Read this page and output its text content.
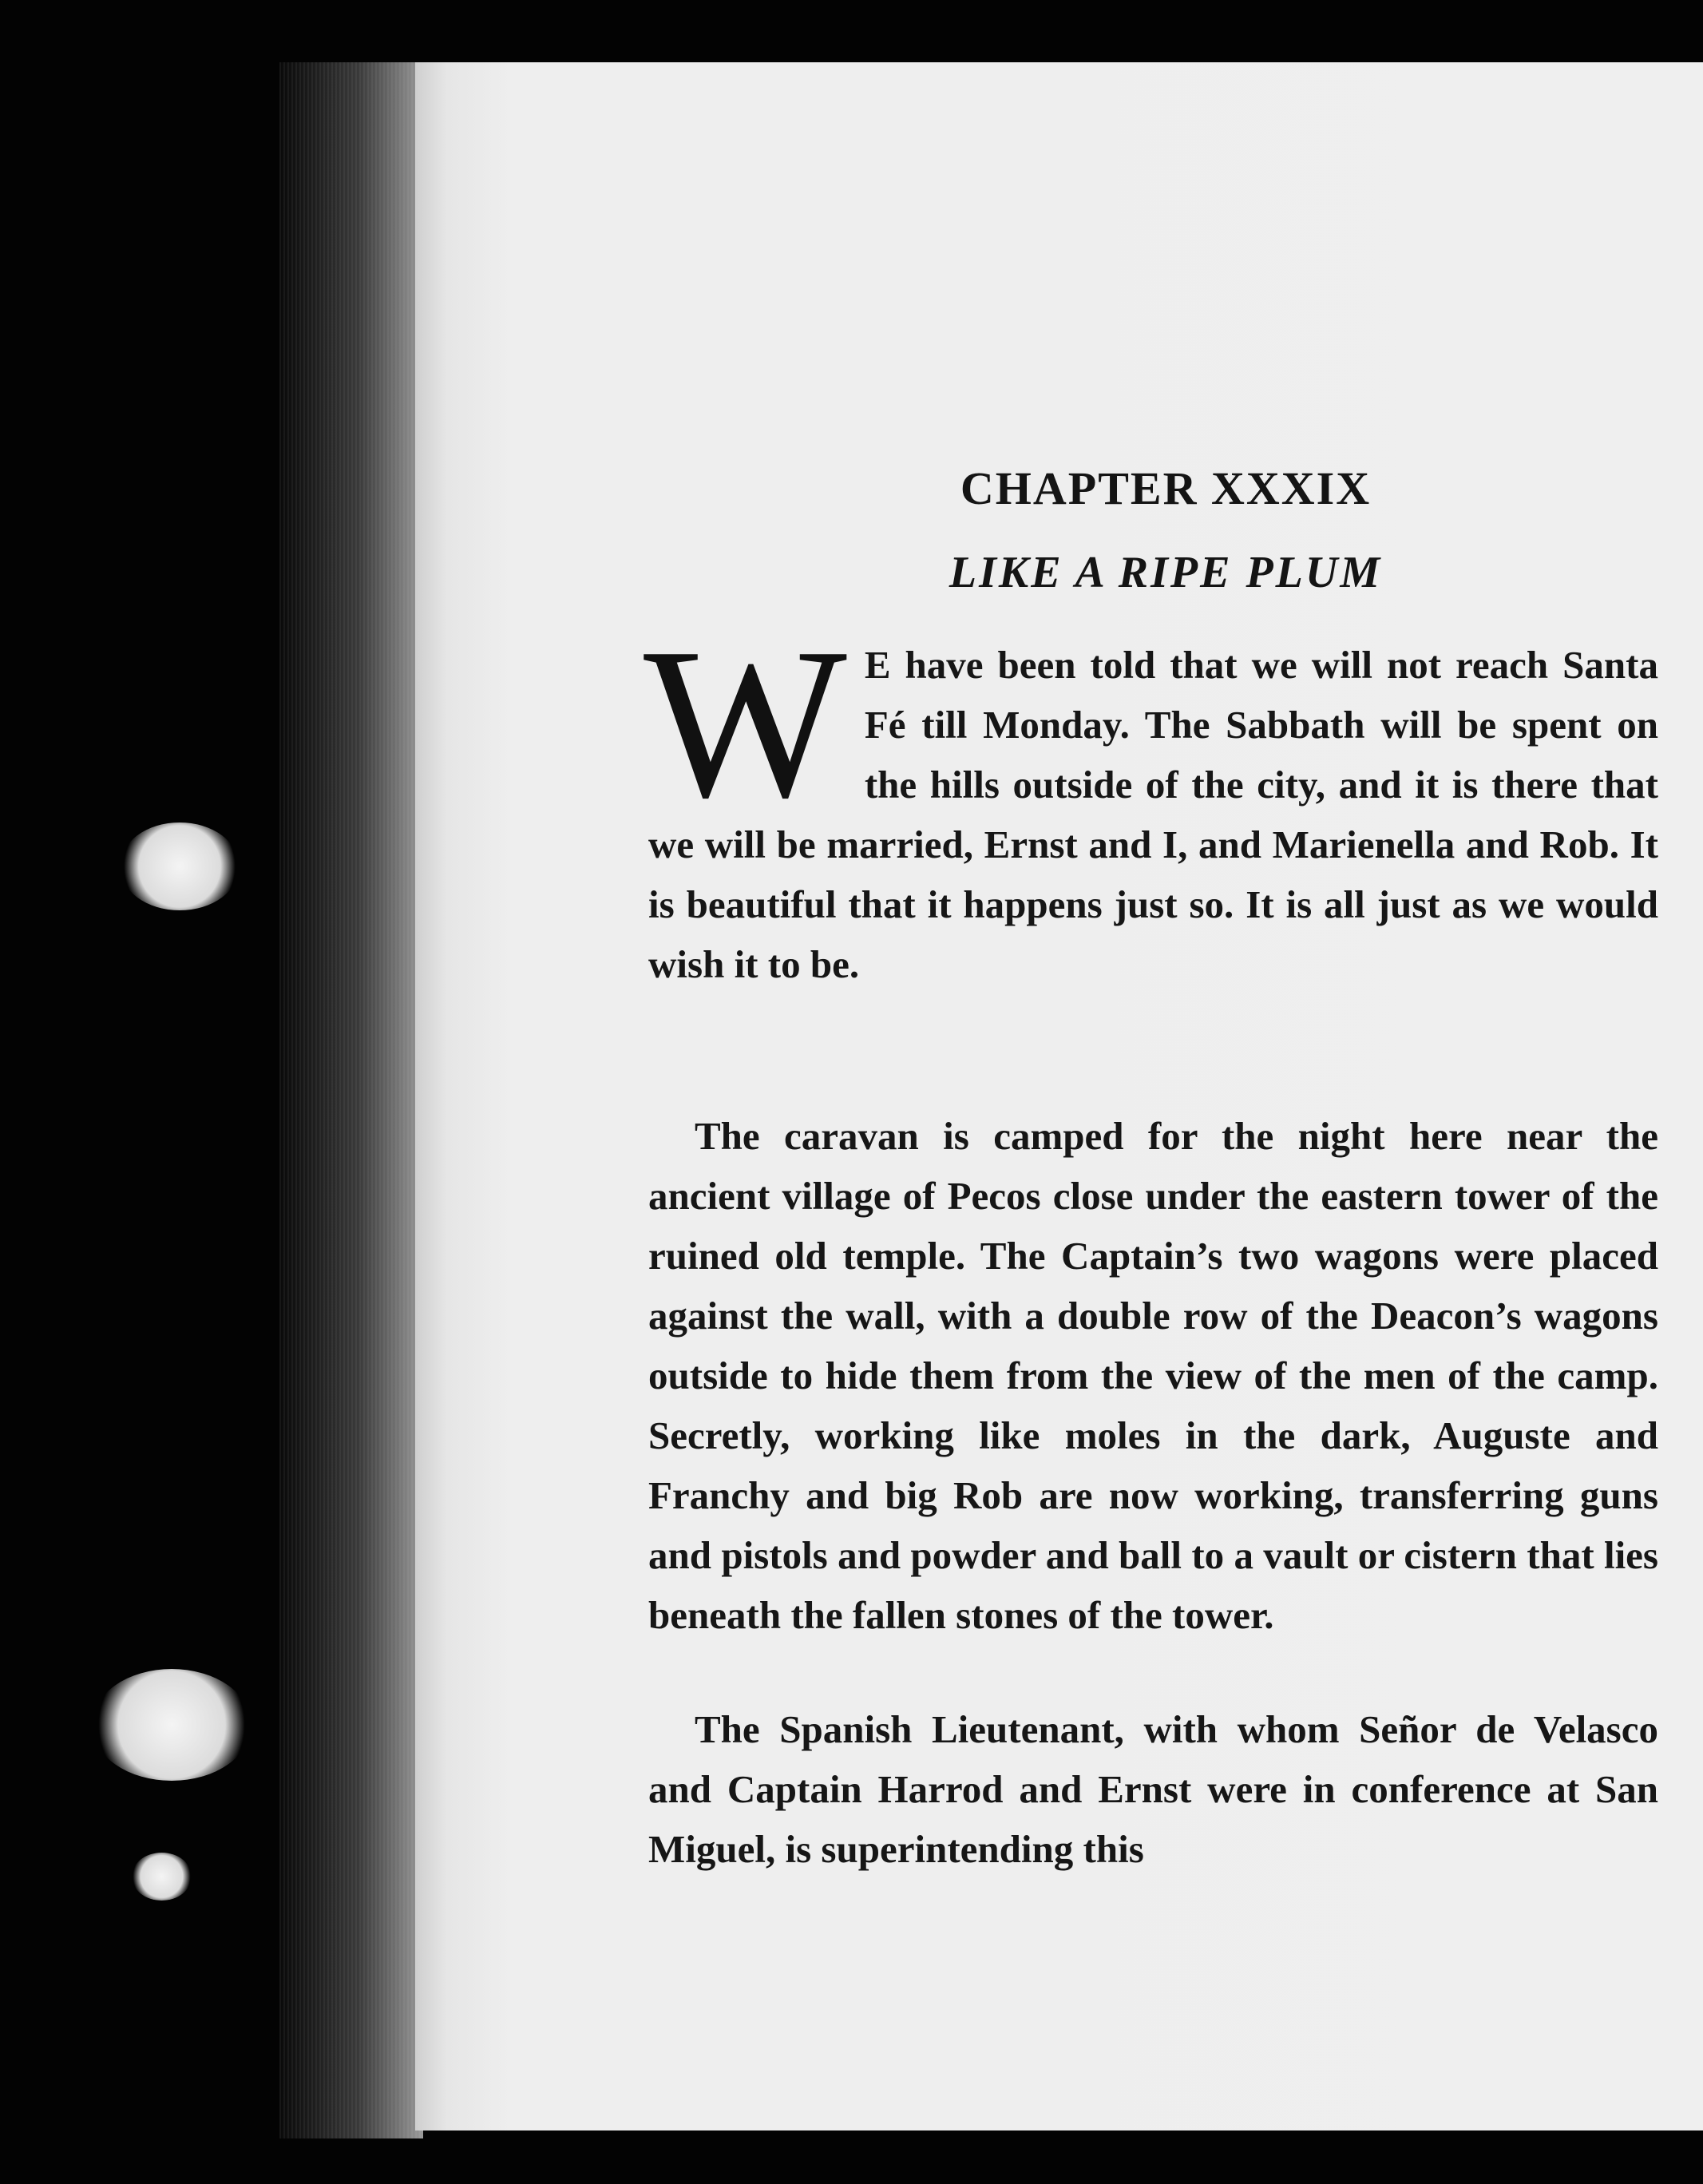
CHAPTER XXXIX
LIKE A RIPE PLUM
W E have been told that we will not reach Santa Fé till Monday. The Sabbath will be spent on the hills outside of the city, and it is there that we will be married, Ernst and I, and Marienella and Rob. It is beautiful that it happens just so. It is all just as we would wish it to be.
The caravan is camped for the night here near the ancient village of Pecos close under the eastern tower of the ruined old temple. The Captain’s two wagons were placed against the wall, with a double row of the Deacon’s wagons outside to hide them from the view of the men of the camp. Secretly, working like moles in the dark, Auguste and Franchy and big Rob are now working, transferring guns and pistols and powder and ball to a vault or cistern that lies beneath the fallen stones of the tower.
The Spanish Lieutenant, with whom Señor de Velasco and Captain Harrod and Ernst were in conference at San Miguel, is superintending this
